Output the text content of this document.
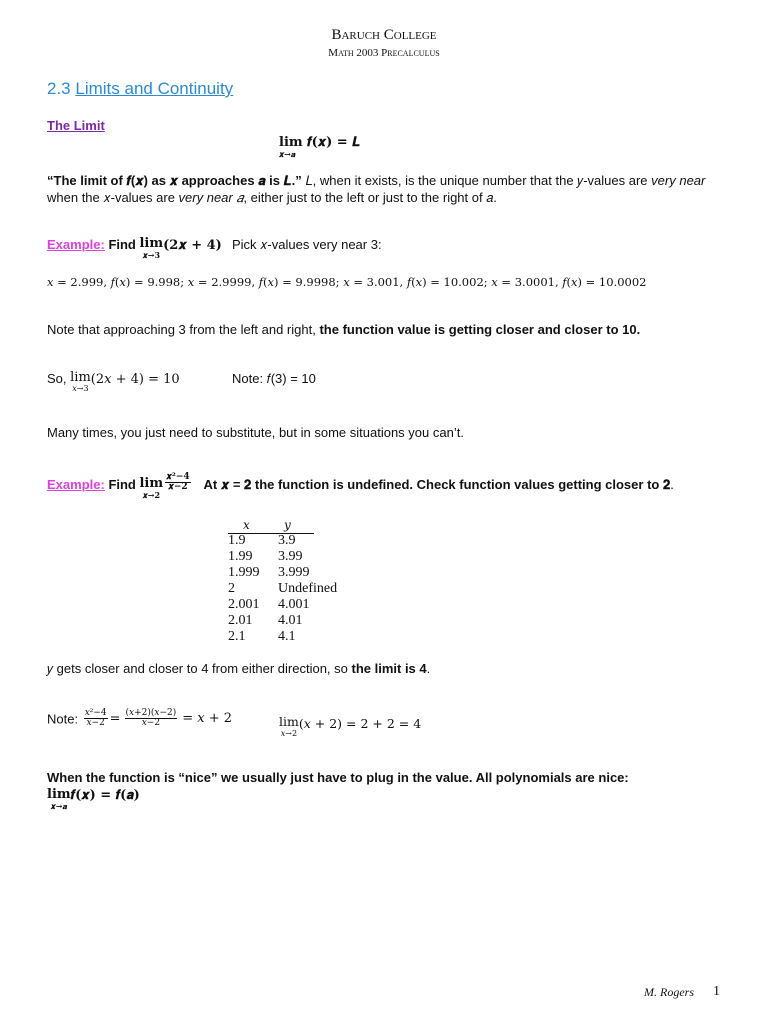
Baruch College
Math 2003 Precalculus
2.3 Limits and Continuity
The Limit
lim 𝒇(𝒙) = 𝑳
𝒙→𝒂
“The limit of 𝒇(𝒙) as 𝒙 approaches 𝒂 is 𝑳.” 𝐿, when it exists, is the unique number that the 𝑦-values are very near when the 𝑥-values are very near 𝑎, either just to the left or just to the right of 𝑎.
Example: Find lim
𝒙→𝟑
(𝟐𝒙 + 𝟒) Pick 𝑥-values very near 3:
𝑥 = 2.999, 𝑓(𝑥) = 9.998; 𝑥 = 2.9999, 𝑓(𝑥) = 9.9998; 𝑥 = 3.001, 𝑓(𝑥) = 10.002; 𝑥 = 3.0001, 𝑓(𝑥) = 10.0002
Note that approaching 3 from the left and right, the function value is getting closer and closer to 10.
So, lim
𝑥→3
(2𝑥 + 4) = 10	Note: 𝑓(3) = 10
Many times, you just need to substitute, but in some situations you can’t.
Example: Find lim
𝒙→𝟐
$\frac{\text{𝒙²−𝟒}}{\text{𝒙−𝟐}}$ At 𝒙 = 𝟐 the function is undefined. Check function values getting closer to 𝟐.
𝑥	𝑦
1.9 3.9
1.99 3.99
1.999 3.999
2	Undefined
2.001 4.001
2.01 4.01
2.1 4.1
𝑦 gets closer and closer to 4 from either direction, so the limit is 4.
Note: $\frac{\text{𝑥²−4}}{\text{𝑥−2}} = \frac{\text{(𝑥+2)(𝑥−2)}}{\text{𝑥−2}}$ = 𝑥 + 2	lim
𝑥→2
(𝑥 + 2) = 2 + 2 = 4
When the function is “nice” we usually just have to plug in the value. All polynomials are nice:
lim
𝒙→𝒂
𝒇(𝒙) = 𝒇(𝒂)
M. Rogers 1
